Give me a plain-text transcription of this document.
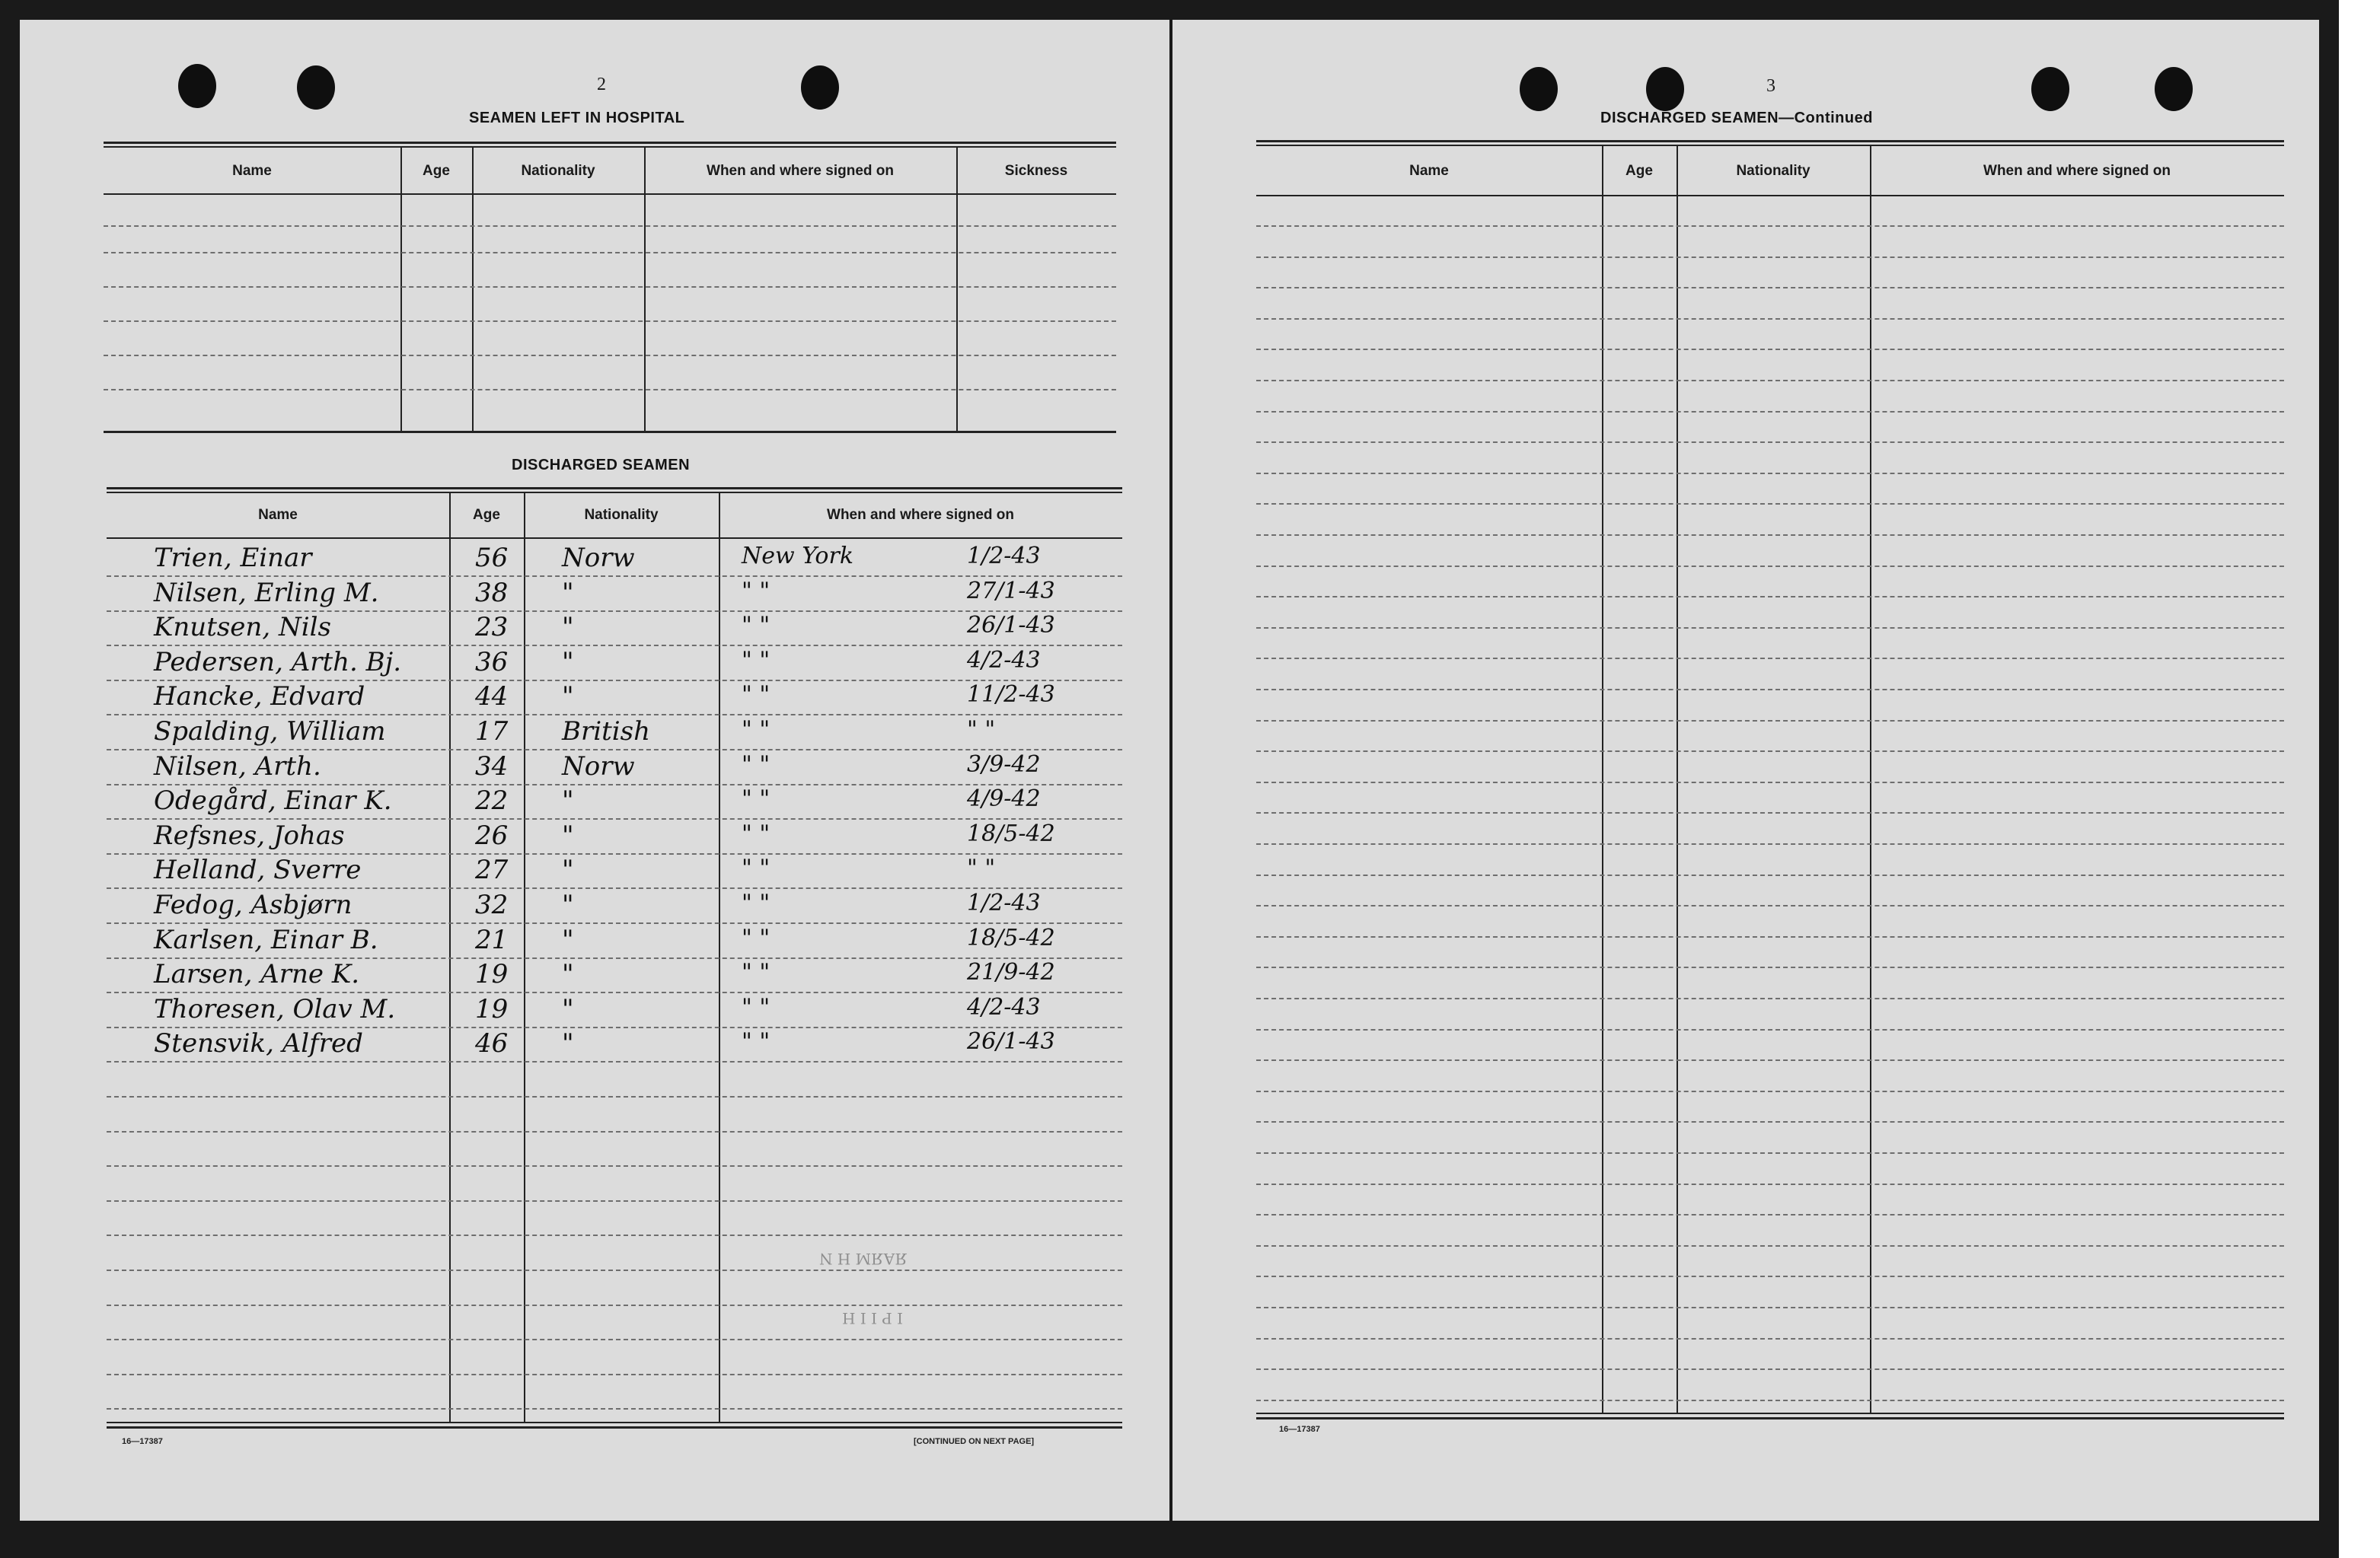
2
SEAMEN LEFT IN HOSPITAL
Name	Age	Nationality	When and where signed on	Sickness
DISCHARGED SEAMEN
Name	Age	Nationality	When and where signed on
Trien, Einar	56 Norw	New York	1/2-43
Nilsen, Erling M.	38 "	" "	27/1-43
Knutsen, Nils	23 "	" "	26/1-43
Pedersen, Arth. Bj.	36 "	" "	4/2-43
Hancke, Edvard	44 "	" "	11/2-43
Spalding, William	17 British	" "	" "
Nilsen, Arth.	34 Norw	" "	3/9-42
Odegård, Einar K.	22 "	" "	4/9-42
Refsnes, Johas	26 "	" "	18/5-42
Helland, Sverre	27 "	" "	" "
Fedog, Asbjørn	32 "	" "	1/2-43
Karlsen, Einar B.	21 "	" "	18/5-42
Larsen, Arne K.	19 "	" "	21/9-42
Thoresen, Olav M.	19 "	" "	4/2-43
Stensvik, Alfred	46 "	" "	26/1-43
ЯАЯМ Η Ν
Ι Ρ Ι Ι Η
16—17387	[CONTINUED ON NEXT PAGE]
3
DISCHARGED SEAMEN—Continued
Name	Age	Nationality	When and where signed on
16—17387
